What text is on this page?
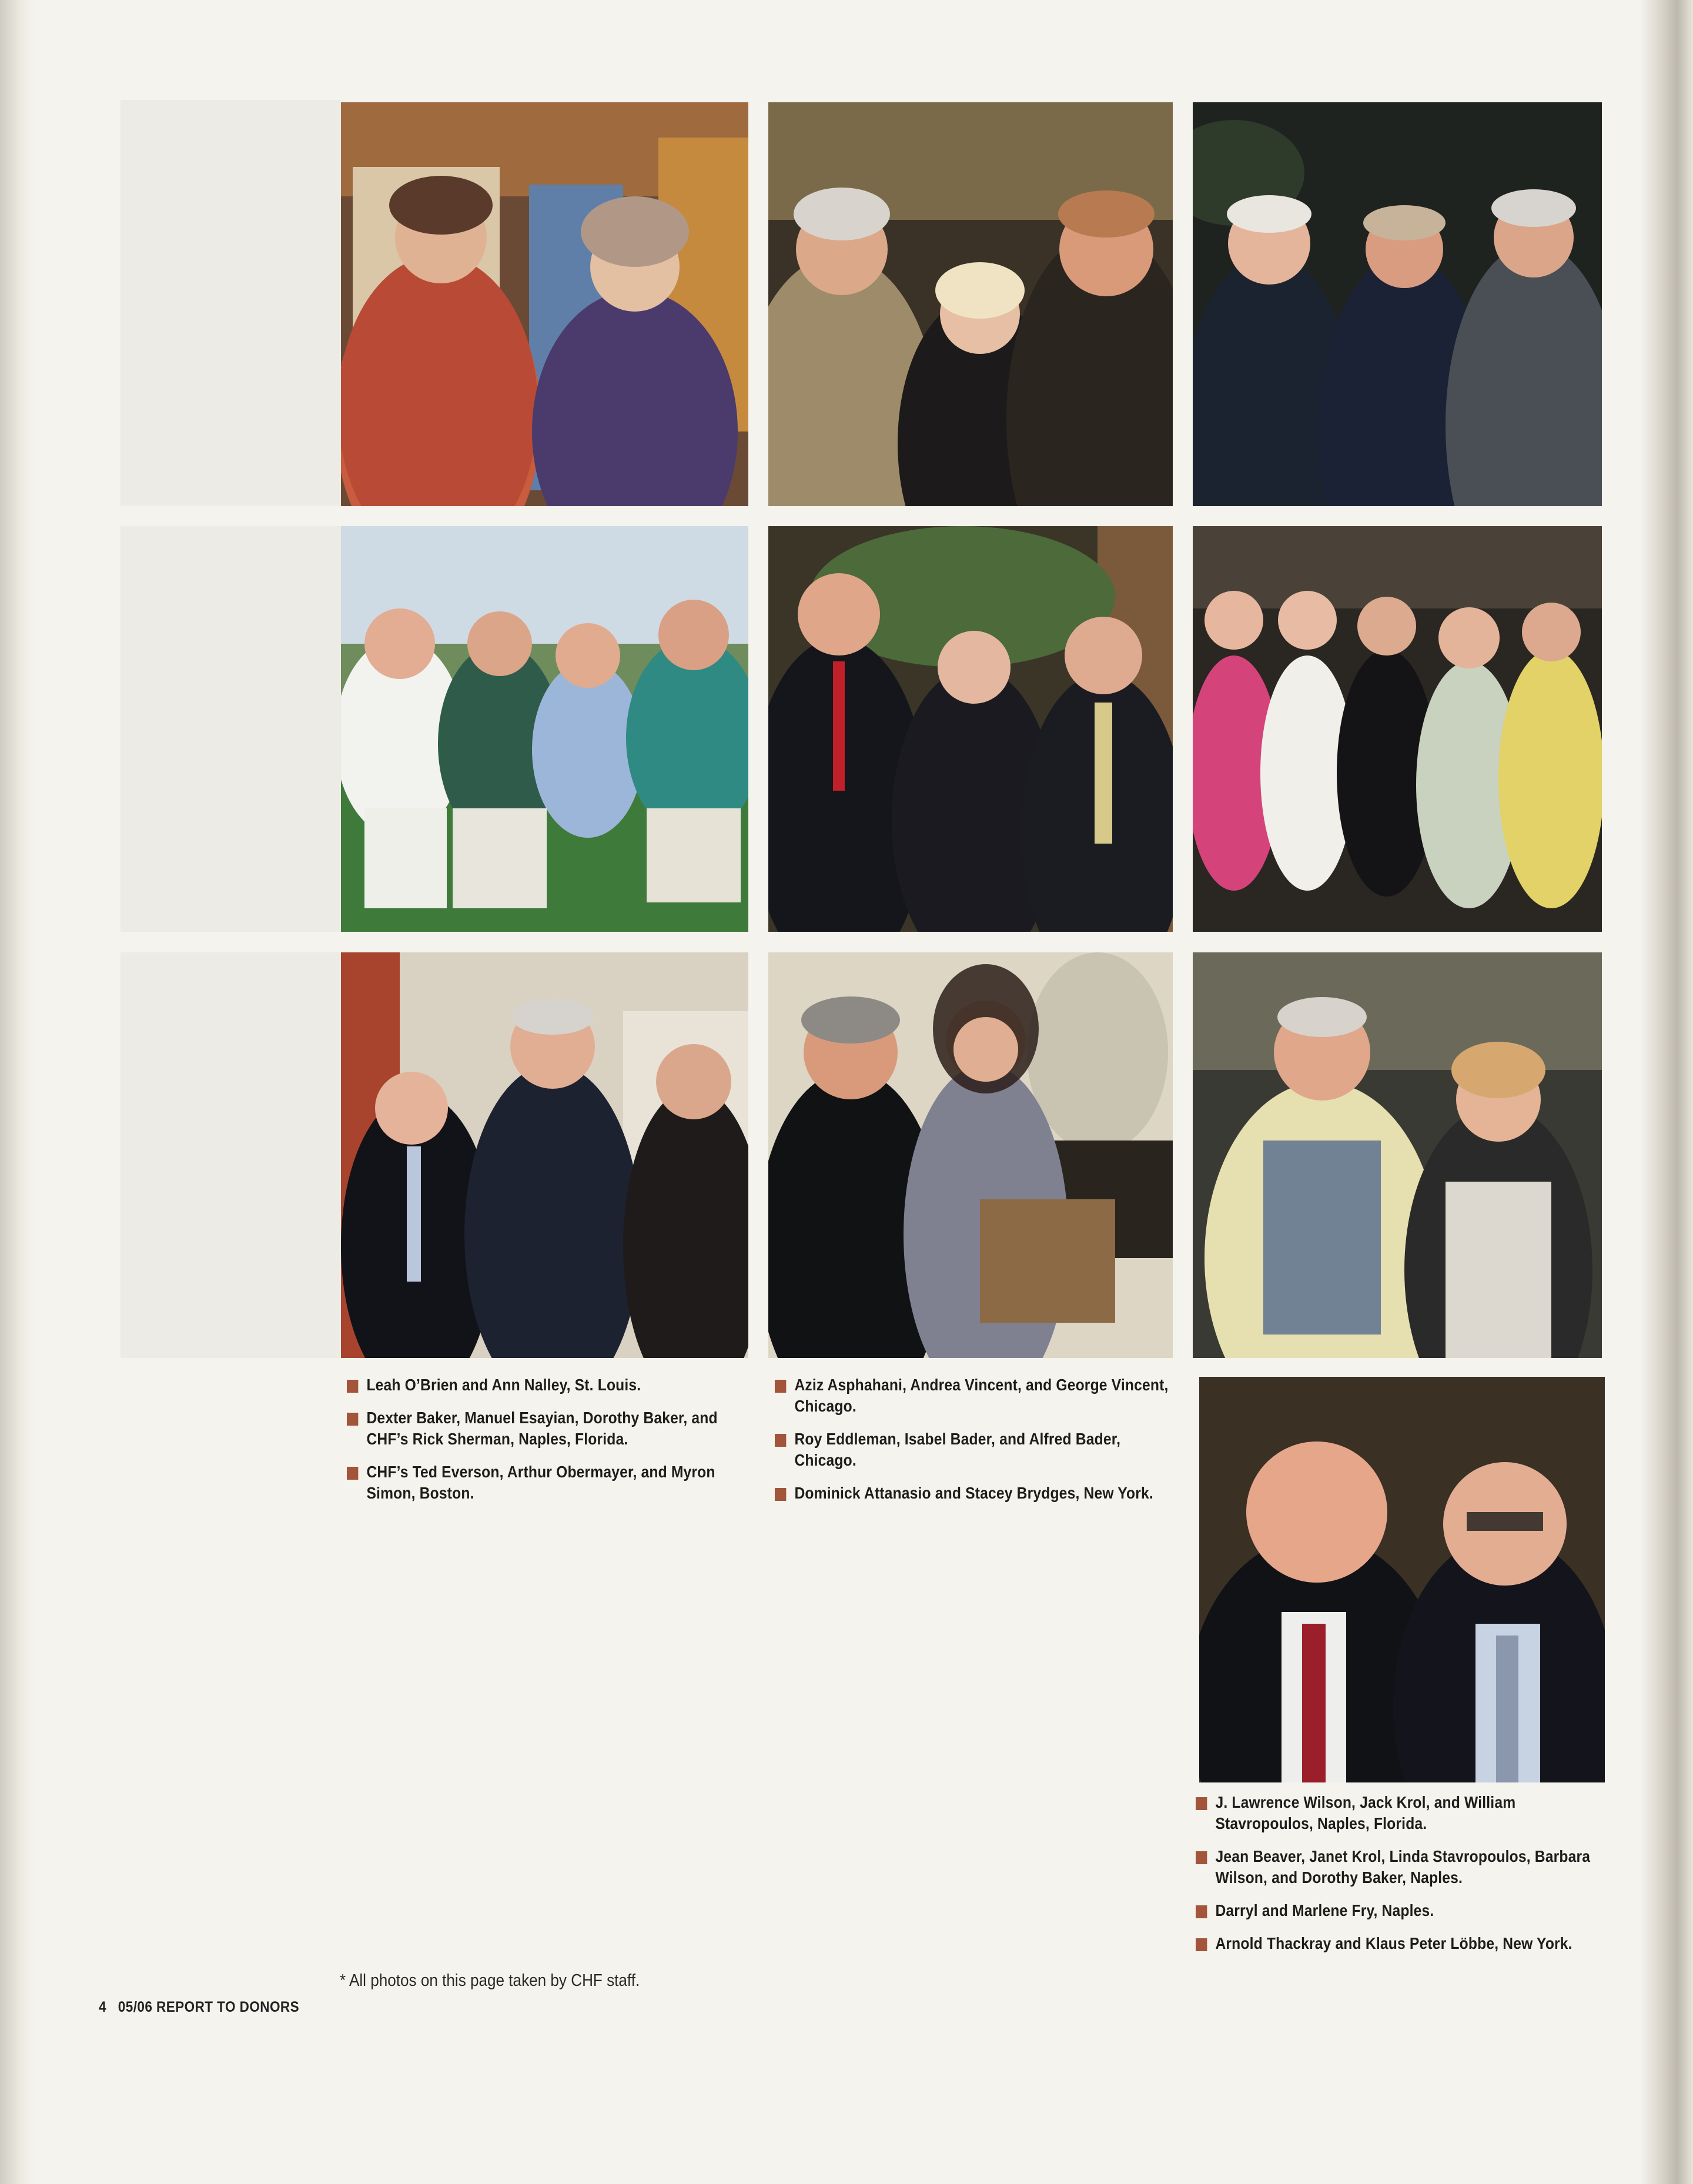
Leah O’Brien and Ann Nalley, St. Louis.
Dexter Baker, Manuel Esayian, Dorothy Baker, and CHF’s Rick Sherman, Naples, Florida.
CHF’s Ted Everson, Arthur Obermayer, and Myron Simon, Boston.
Aziz Asphahani, Andrea Vincent, and George Vincent, Chicago.
Roy Eddleman, Isabel Bader, and Alfred Bader, Chicago.
Dominick Attanasio and Stacey Brydges, New York.
J. Lawrence Wilson, Jack Krol, and William Stavropoulos, Naples, Florida.
Jean Beaver, Janet Krol, Linda Stavropoulos, Barbara Wilson, and Dorothy Baker, Naples.
Darryl and Marlene Fry, Naples.
Arnold Thackray and Klaus Peter Löbbe, New York.
* All photos on this page taken by CHF staff.
4 05/06 REPORT TO DONORS
